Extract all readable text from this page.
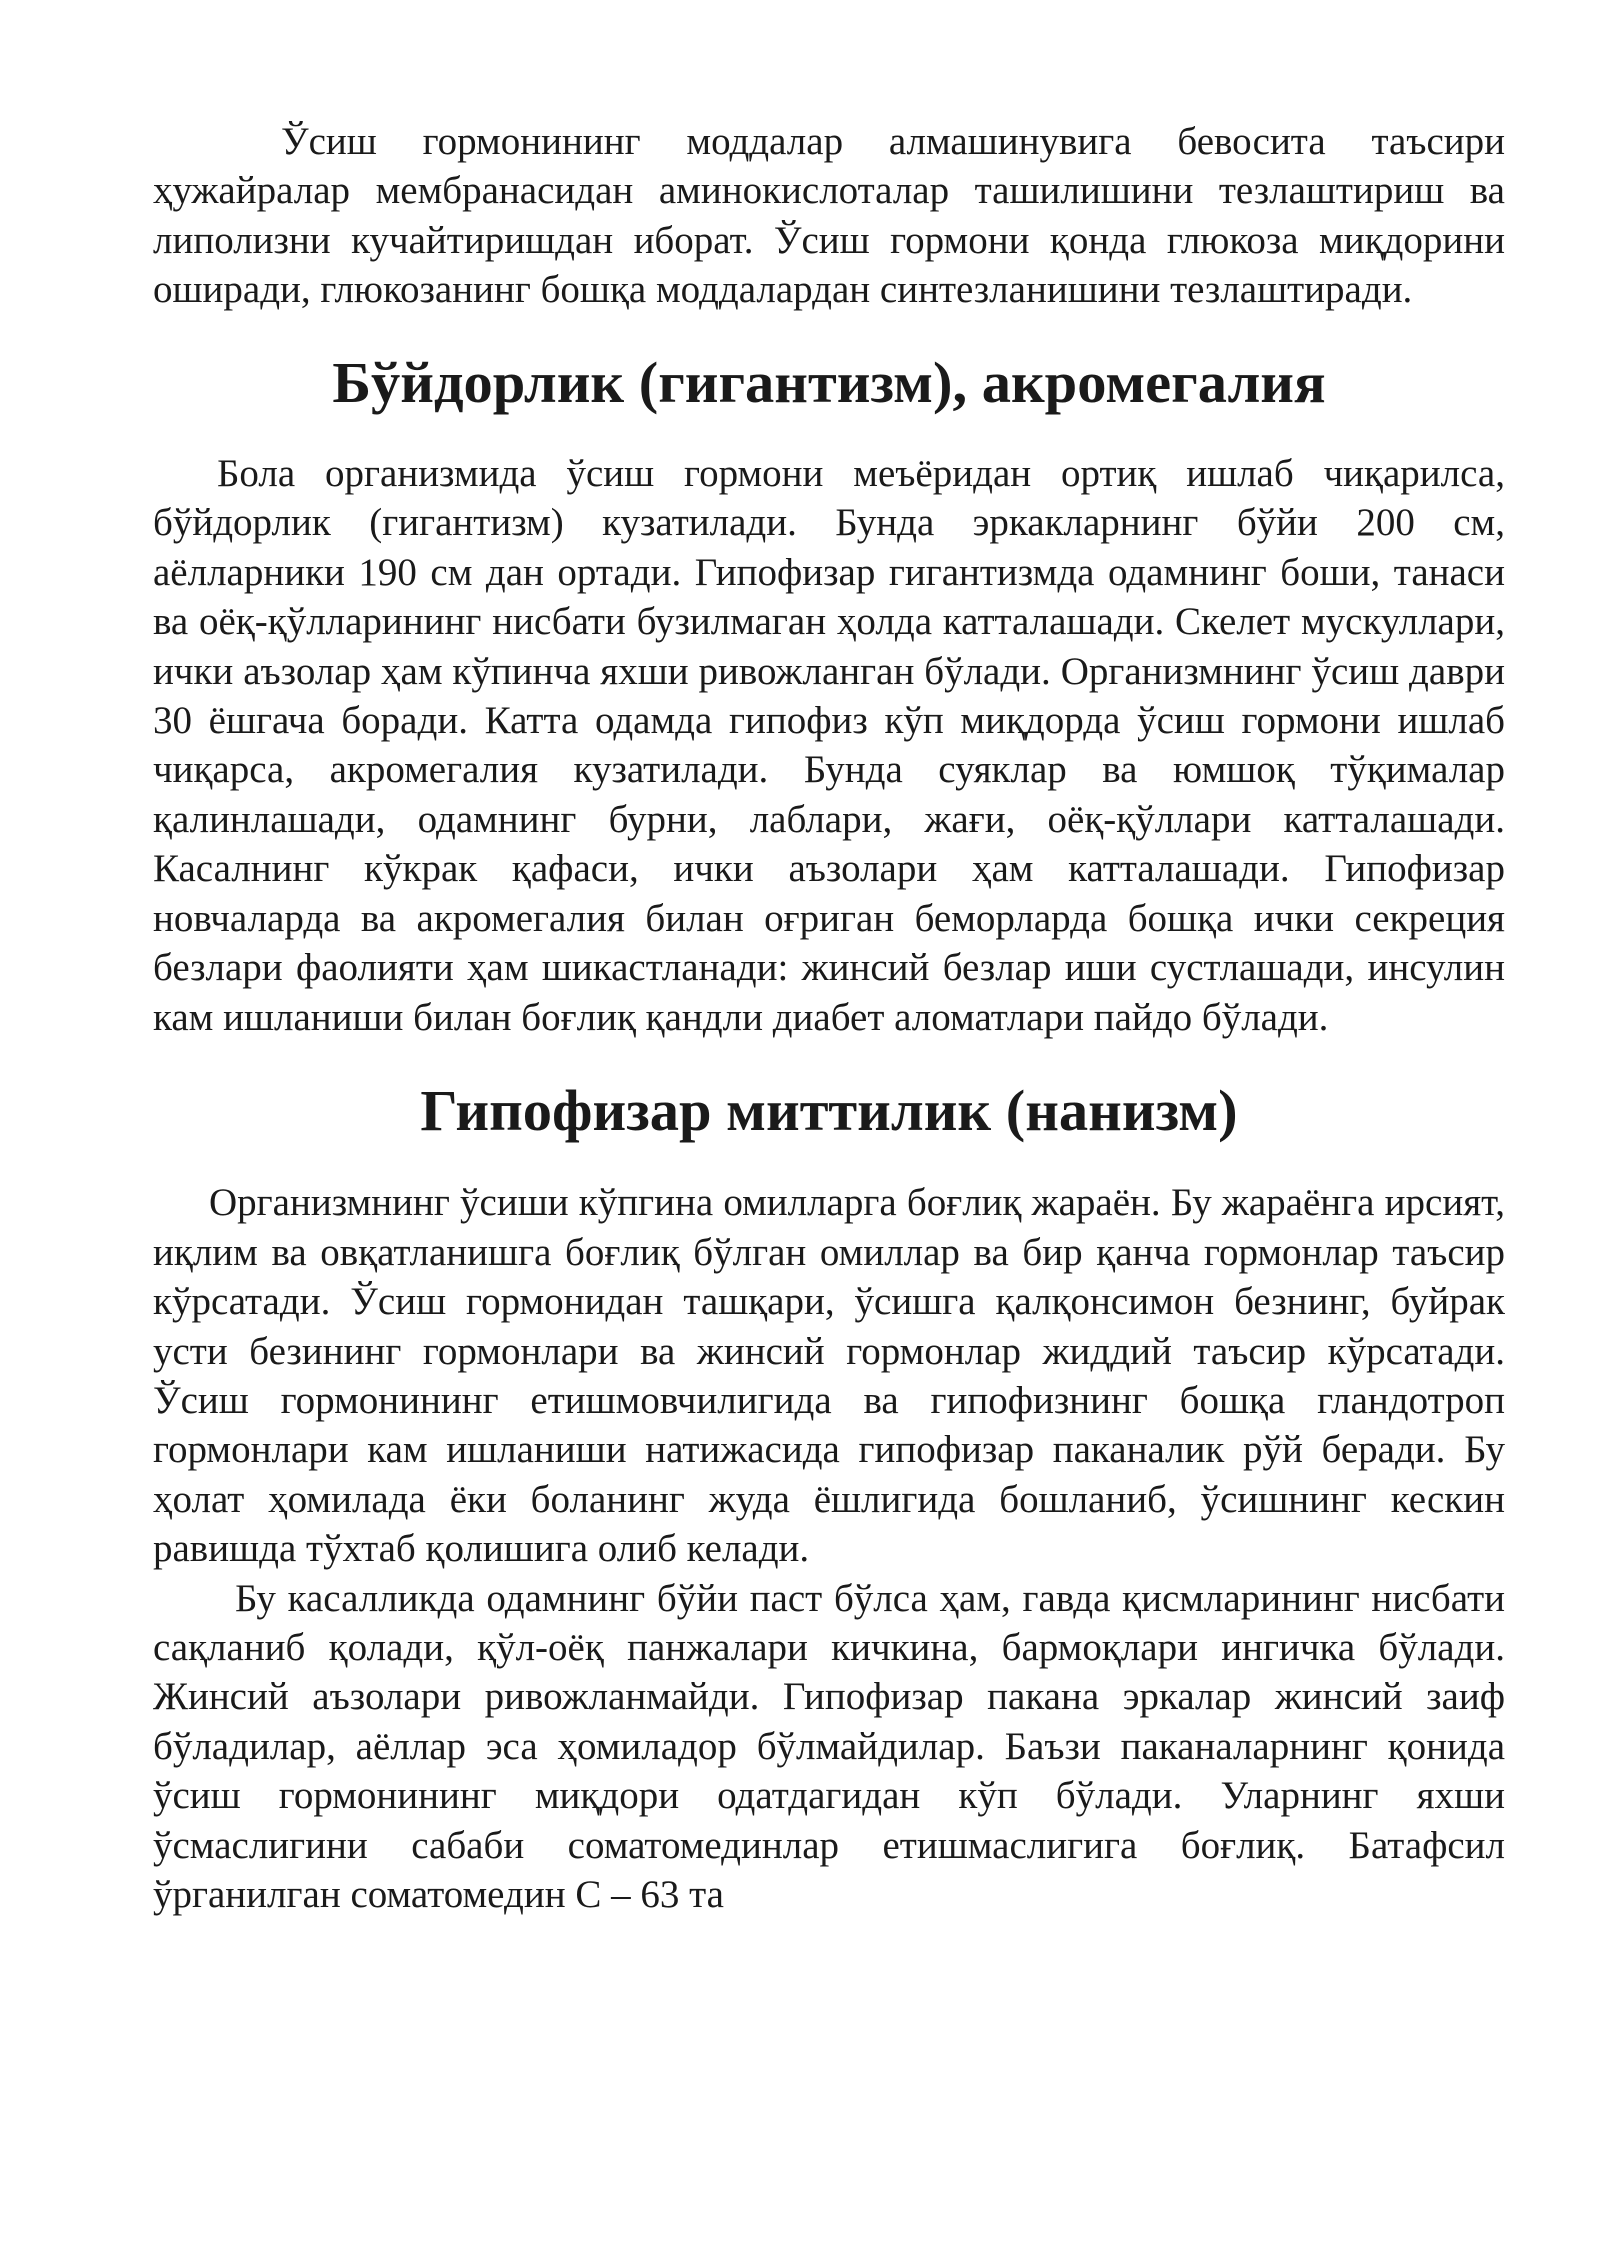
Ўсиш гормонининг моддалар алмашинувига бевосита таъсири ҳужайралар мембранасидан аминокислоталар ташилишини тезлаштириш ва липолизни кучайтиришдан иборат. Ўсиш гормони қонда глюкоза миқдорини оширади, глюкозанинг бошқа моддалардан синтезланишини тезлаштиради.

Бўйдорлик (гигантизм), акромегалия

Бола организмида ўсиш гормони меъёридан ортиқ ишлаб чиқарилса, бўйдорлик (гигантизм) кузатилади. Бунда эркакларнинг бўйи 200 см, аёлларники 190 см дан ортади. Гипофизар гигантизмда одамнинг боши, танаси ва оёқ-қўлларининг нисбати бузилмаган ҳолда катталашади. Скелет мускуллари, ички аъзолар ҳам кўпинча яхши ривожланган бўлади. Организмнинг ўсиш даври 30 ёшгача боради. Катта одамда гипофиз кўп миқдорда ўсиш гормони ишлаб чиқарса, акромегалия кузатилади. Бунда суяклар ва юмшоқ тўқималар қалинлашади, одамнинг бурни, лаблари, жағи, оёқ-қўллари катталашади. Касалнинг кўкрак қафаси, ички аъзолари ҳам катталашади. Гипофизар новчаларда ва акромегалия билан оғриган беморларда бошқа ички секреция безлари фаолияти ҳам шикастланади: жинсий безлар иши сустлашади, инсулин кам ишланиши билан боғлиқ қандли диабет аломатлари пайдо бўлади.

Гипофизар миттилик (нанизм)

Организмнинг ўсиши кўпгина омилларга боғлиқ жараён. Бу жараёнга ирсият, иқлим ва овқатланишга боғлиқ бўлган омиллар ва бир қанча гормонлар таъсир кўрсатади. Ўсиш гормонидан ташқари, ўсишга қалқонсимон безнинг, буйрак усти безининг гормонлари ва жинсий гормонлар жиддий таъсир кўрсатади. Ўсиш гормонининг етишмовчилигида ва гипофизнинг бошқа гландотроп гормонлари кам ишланиши натижасида гипофизар паканалик рўй беради. Бу ҳолат ҳомилада ёки боланинг жуда ёшлигида бошланиб, ўсишнинг кескин равишда тўхтаб қолишига олиб келади.

Бу касалликда одамнинг бўйи паст бўлса ҳам, гавда қисмларининг нисбати сақланиб қолади, қўл-оёқ панжалари кичкина, бармоқлари ингичка бўлади. Жинсий аъзолари ривожланмайди. Гипофизар пакана эркалар жинсий заиф бўладилар, аёллар эса ҳомиладор бўлмайдилар. Баъзи паканаларнинг қонида ўсиш гормонининг миқдори одатдагидан кўп бўлади. Уларнинг яхши ўсмаслигини сабаби соматомединлар етишмаслигига боғлиқ. Батафсил ўрганилган соматомедин С – 63 та
